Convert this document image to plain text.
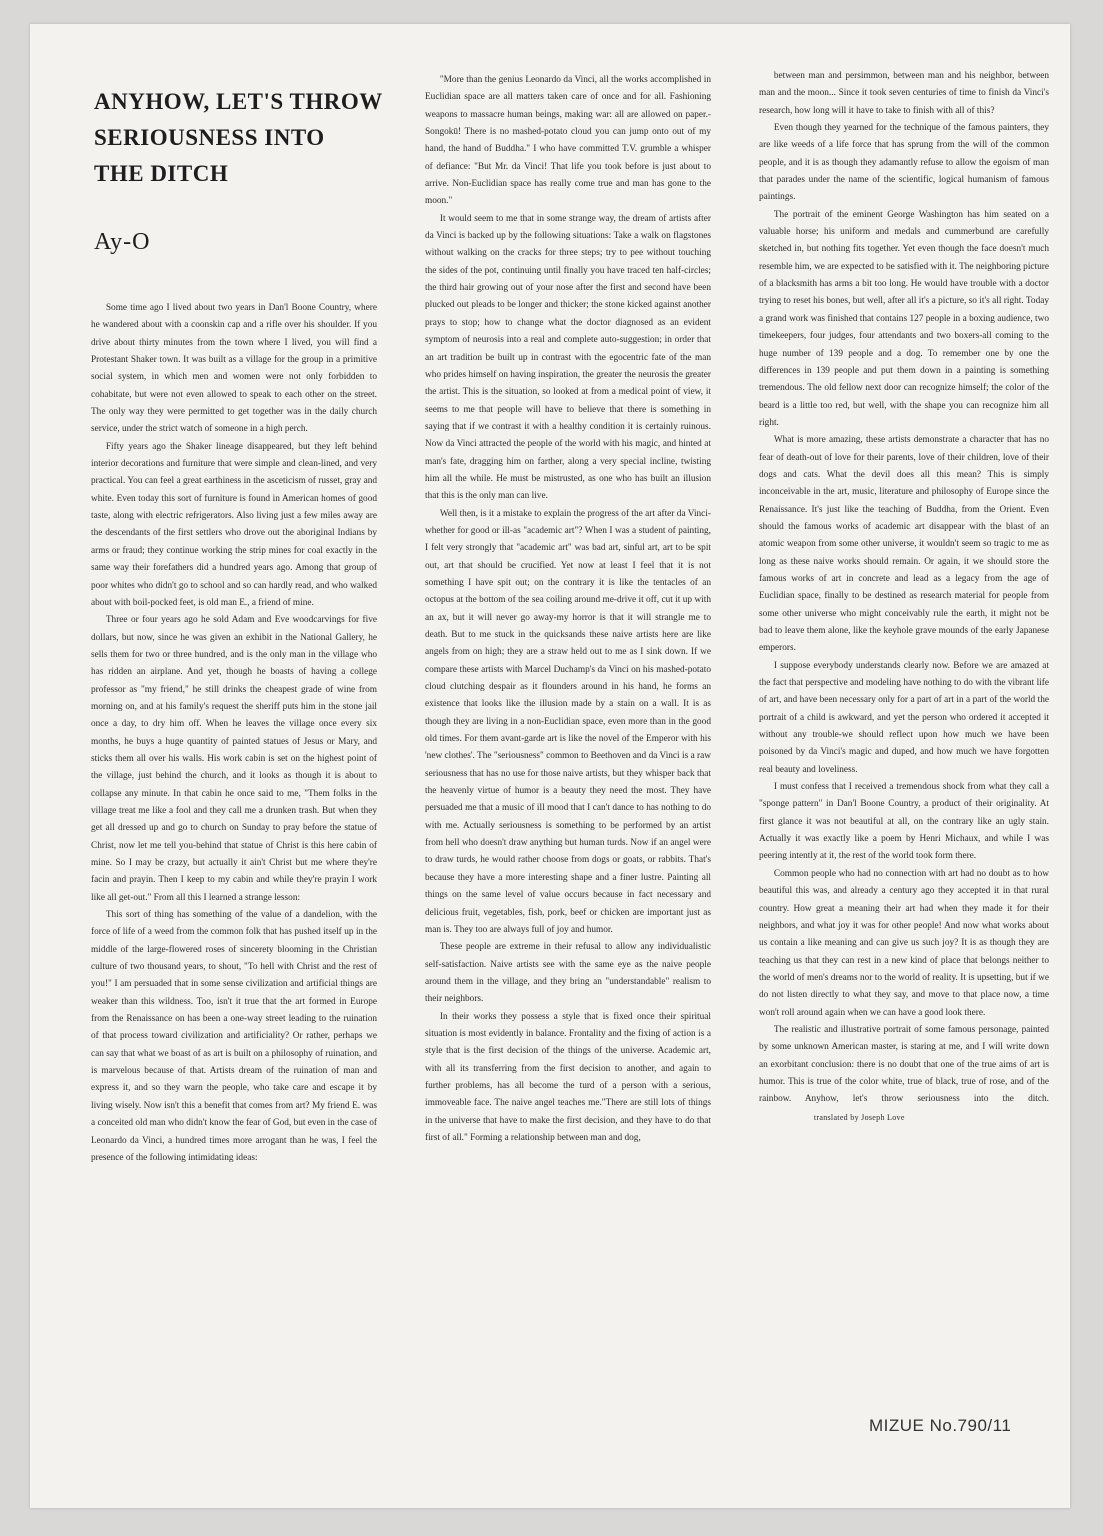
ANYHOW, LET'S THROW
SERIOUSNESS INTO
THE DITCH
Ay-O

Some time ago I lived about two years in Dan'l Boone Country, where he wandered about with a coonskin cap and a rifle over his shoulder. If you drive about thirty minutes from the town where I lived, you will find a Protestant Shaker town. It was built as a village for the group in a primitive social system, in which men and women were not only forbidden to cohabitate, but were not even allowed to speak to each other on the street. The only way they were permitted to get together was in the daily church service, under the strict watch of someone in a high perch.

Fifty years ago the Shaker lineage disappeared, but they left behind interior decorations and furniture that were simple and clean-lined, and very practical. You can feel a great earthiness in the asceticism of russet, gray and white. Even today this sort of furniture is found in American homes of good taste, along with electric refrigerators. Also living just a few miles away are the descendants of the first settlers who drove out the aboriginal Indians by arms or fraud; they continue working the strip mines for coal exactly in the same way their forefathers did a hundred years ago. Among that group of poor whites who didn't go to school and so can hardly read, and who walked about with boil-pocked feet, is old man E., a friend of mine.

Three or four years ago he sold Adam and Eve woodcarvings for five dollars, but now, since he was given an exhibit in the National Gallery, he sells them for two or three hundred, and is the only man in the village who has ridden an airplane. And yet, though he boasts of having a college professor as "my friend," he still drinks the cheapest grade of wine from morning on, and at his family's request the sheriff puts him in the stone jail once a day, to dry him off. When he leaves the village once every six months, he buys a huge quantity of painted statues of Jesus or Mary, and sticks them all over his walls. His work cabin is set on the highest point of the village, just behind the church, and it looks as though it is about to collapse any minute. In that cabin he once said to me, "Them folks in the village treat me like a fool and they call me a drunken trash. But when they get all dressed up and go to church on Sunday to pray before the statue of Christ, now let me tell you-behind that statue of Christ is this here cabin of mine. So I may be crazy, but actually it ain't Christ but me where they're facin and prayin. Then I keep to my cabin and while they're prayin I work like all get-out." From all this I learned a strange lesson:

This sort of thing has something of the value of a dandelion, with the force of life of a weed from the common folk that has pushed itself up in the middle of the large-flowered roses of sincerety blooming in the Christian culture of two thousand years, to shout, "To hell with Christ and the rest of you!" I am persuaded that in some sense civilization and artificial things are weaker than this wildness. Too, isn't it true that the art formed in Europe from the Renaissance on has been a one-way street leading to the ruination of that process toward civilization and artificiality? Or rather, perhaps we can say that what we boast of as art is built on a philosophy of ruination, and is marvelous because of that. Artists dream of the ruination of man and express it, and so they warn the people, who take care and escape it by living wisely. Now isn't this a benefit that comes from art? My friend E. was a conceited old man who didn't know the fear of God, but even in the case of Leonardo da Vinci, a hundred times more arrogant than he was, I feel the presence of the following intimidating ideas:

"More than the genius Leonardo da Vinci, all the works accomplished in Euclidian space are all matters taken care of once and for all. Fashioning weapons to massacre human beings, making war: all are allowed on paper.-Songokū! There is no mashed-potato cloud you can jump onto out of my hand, the hand of Buddha." I who have committed T.V. grumble a whisper of defiance: "But Mr. da Vinci! That life you took before is just about to arrive. Non-Euclidian space has really come true and man has gone to the moon."

It would seem to me that in some strange way, the dream of artists after da Vinci is backed up by the following situations: Take a walk on flagstones without walking on the cracks for three steps; try to pee without touching the sides of the pot, continuing until finally you have traced ten half-circles; the third hair growing out of your nose after the first and second have been plucked out pleads to be longer and thicker; the stone kicked against another prays to stop; how to change what the doctor diagnosed as an evident symptom of neurosis into a real and complete auto-suggestion; in order that an art tradition be built up in contrast with the egocentric fate of the man who prides himself on having inspiration, the greater the neurosis the greater the artist. This is the situation, so looked at from a medical point of view, it seems to me that people will have to believe that there is something in saying that if we contrast it with a healthy condition it is certainly ruinous. Now da Vinci attracted the people of the world with his magic, and hinted at man's fate, dragging him on farther, along a very special incline, twisting him all the while. He must be mistrusted, as one who has built an illusion that this is the only man can live.

Well then, is it a mistake to explain the progress of the art after da Vinci-whether for good or ill-as "academic art"? When I was a student of painting, I felt very strongly that "academic art" was bad art, sinful art, art to be spit out, art that should be crucified. Yet now at least I feel that it is not something I have spit out; on the contrary it is like the tentacles of an octopus at the bottom of the sea coiling around me-drive it off, cut it up with an ax, but it will never go away-my horror is that it will strangle me to death. But to me stuck in the quicksands these naive artists here are like angels from on high; they are a straw held out to me as I sink down. If we compare these artists with Marcel Duchamp's da Vinci on his mashed-potato cloud clutching despair as it flounders around in his hand, he forms an existence that looks like the illusion made by a stain on a wall. It is as though they are living in a non-Euclidian space, even more than in the good old times. For them avant-garde art is like the novel of the Emperor with his 'new clothes'. The "seriousness" common to Beethoven and da Vinci is a raw seriousness that has no use for those naive artists, but they whisper back that the heavenly virtue of humor is a beauty they need the most. They have persuaded me that a music of ill mood that I can't dance to has nothing to do with me. Actually seriousness is something to be performed by an artist from hell who doesn't draw anything but human turds. Now if an angel were to draw turds, he would rather choose from dogs or goats, or rabbits. That's because they have a more interesting shape and a finer lustre. Painting all things on the same level of value occurs because in fact necessary and delicious fruit, vegetables, fish, pork, beef or chicken are important just as man is. They too are always full of joy and humor.

These people are extreme in their refusal to allow any individualistic self-satisfaction. Naive artists see with the same eye as the naive people around them in the village, and they bring an "understandable" realism to their neighbors.

In their works they possess a style that is fixed once their spiritual situation is most evidently in balance. Frontality and the fixing of action is a style that is the first decision of the things of the universe. Academic art, with all its transferring from the first decision to another, and again to further problems, has all become the turd of a person with a serious, immoveable face. The naive angel teaches me."There are still lots of things in the universe that have to make the first decision, and they have to do that first of all." Forming a relationship between man and dog,

between man and persimmon, between man and his neighbor, between man and the moon... Since it took seven centuries of time to finish da Vinci's research, how long will it have to take to finish with all of this?

Even though they yearned for the technique of the famous painters, they are like weeds of a life force that has sprung from the will of the common people, and it is as though they adamantly refuse to allow the egoism of man that parades under the name of the scientific, logical humanism of famous paintings.

The portrait of the eminent George Washington has him seated on a valuable horse; his uniform and medals and cummerbund are carefully sketched in, but nothing fits together. Yet even though the face doesn't much resemble him, we are expected to be satisfied with it. The neighboring picture of a blacksmith has arms a bit too long. He would have trouble with a doctor trying to reset his bones, but well, after all it's a picture, so it's all right. Today a grand work was finished that contains 127 people in a boxing audience, two timekeepers, four judges, four attendants and two boxers-all coming to the huge number of 139 people and a dog. To remember one by one the differences in 139 people and put them down in a painting is something tremendous. The old fellow next door can recognize himself; the color of the beard is a little too red, but well, with the shape you can recognize him all right.

What is more amazing, these artists demonstrate a character that has no fear of death-out of love for their parents, love of their children, love of their dogs and cats. What the devil does all this mean? This is simply inconceivable in the art, music, literature and philosophy of Europe since the Renaissance. It's just like the teaching of Buddha, from the Orient. Even should the famous works of academic art disappear with the blast of an atomic weapon from some other universe, it wouldn't seem so tragic to me as long as these naive works should remain. Or again, it we should store the famous works of art in concrete and lead as a legacy from the age of Euclidian space, finally to be destined as research material for people from some other universe who might conceivably rule the earth, it might not be bad to leave them alone, like the keyhole grave mounds of the early Japanese emperors.

I suppose everybody understands clearly now. Before we are amazed at the fact that perspective and modeling have nothing to do with the vibrant life of art, and have been necessary only for a part of art in a part of the world the portrait of a child is awkward, and yet the person who ordered it accepted it without any trouble-we should reflect upon how much we have been poisoned by da Vinci's magic and duped, and how much we have forgotten real beauty and loveliness.

I must confess that I received a tremendous shock from what they call a "sponge pattern" in Dan'l Boone Country, a product of their originality. At first glance it was not beautiful at all, on the contrary like an ugly stain. Actually it was exactly like a poem by Henri Michaux, and while I was peering intently at it, the rest of the world took form there.

Common people who had no connection with art had no doubt as to how beautiful this was, and already a century ago they accepted it in that rural country. How great a meaning their art had when they made it for their neighbors, and what joy it was for other people! And now what works about us contain a like meaning and can give us such joy? It is as though they are teaching us that they can rest in a new kind of place that belongs neither to the world of men's dreams nor to the world of reality. It is upsetting, but if we do not listen directly to what they say, and move to that place now, a time won't roll around again when we can have a good look there.

The realistic and illustrative portrait of some famous personage, painted by some unknown American master, is staring at me, and I will write down an exorbitant conclusion: there is no doubt that one of the true aims of art is humor. This is true of the color white, true of black, true of rose, and of the rainbow. Anyhow, let's throw seriousness into the ditch.translated by Joseph Love

MIZUE No.790/11
